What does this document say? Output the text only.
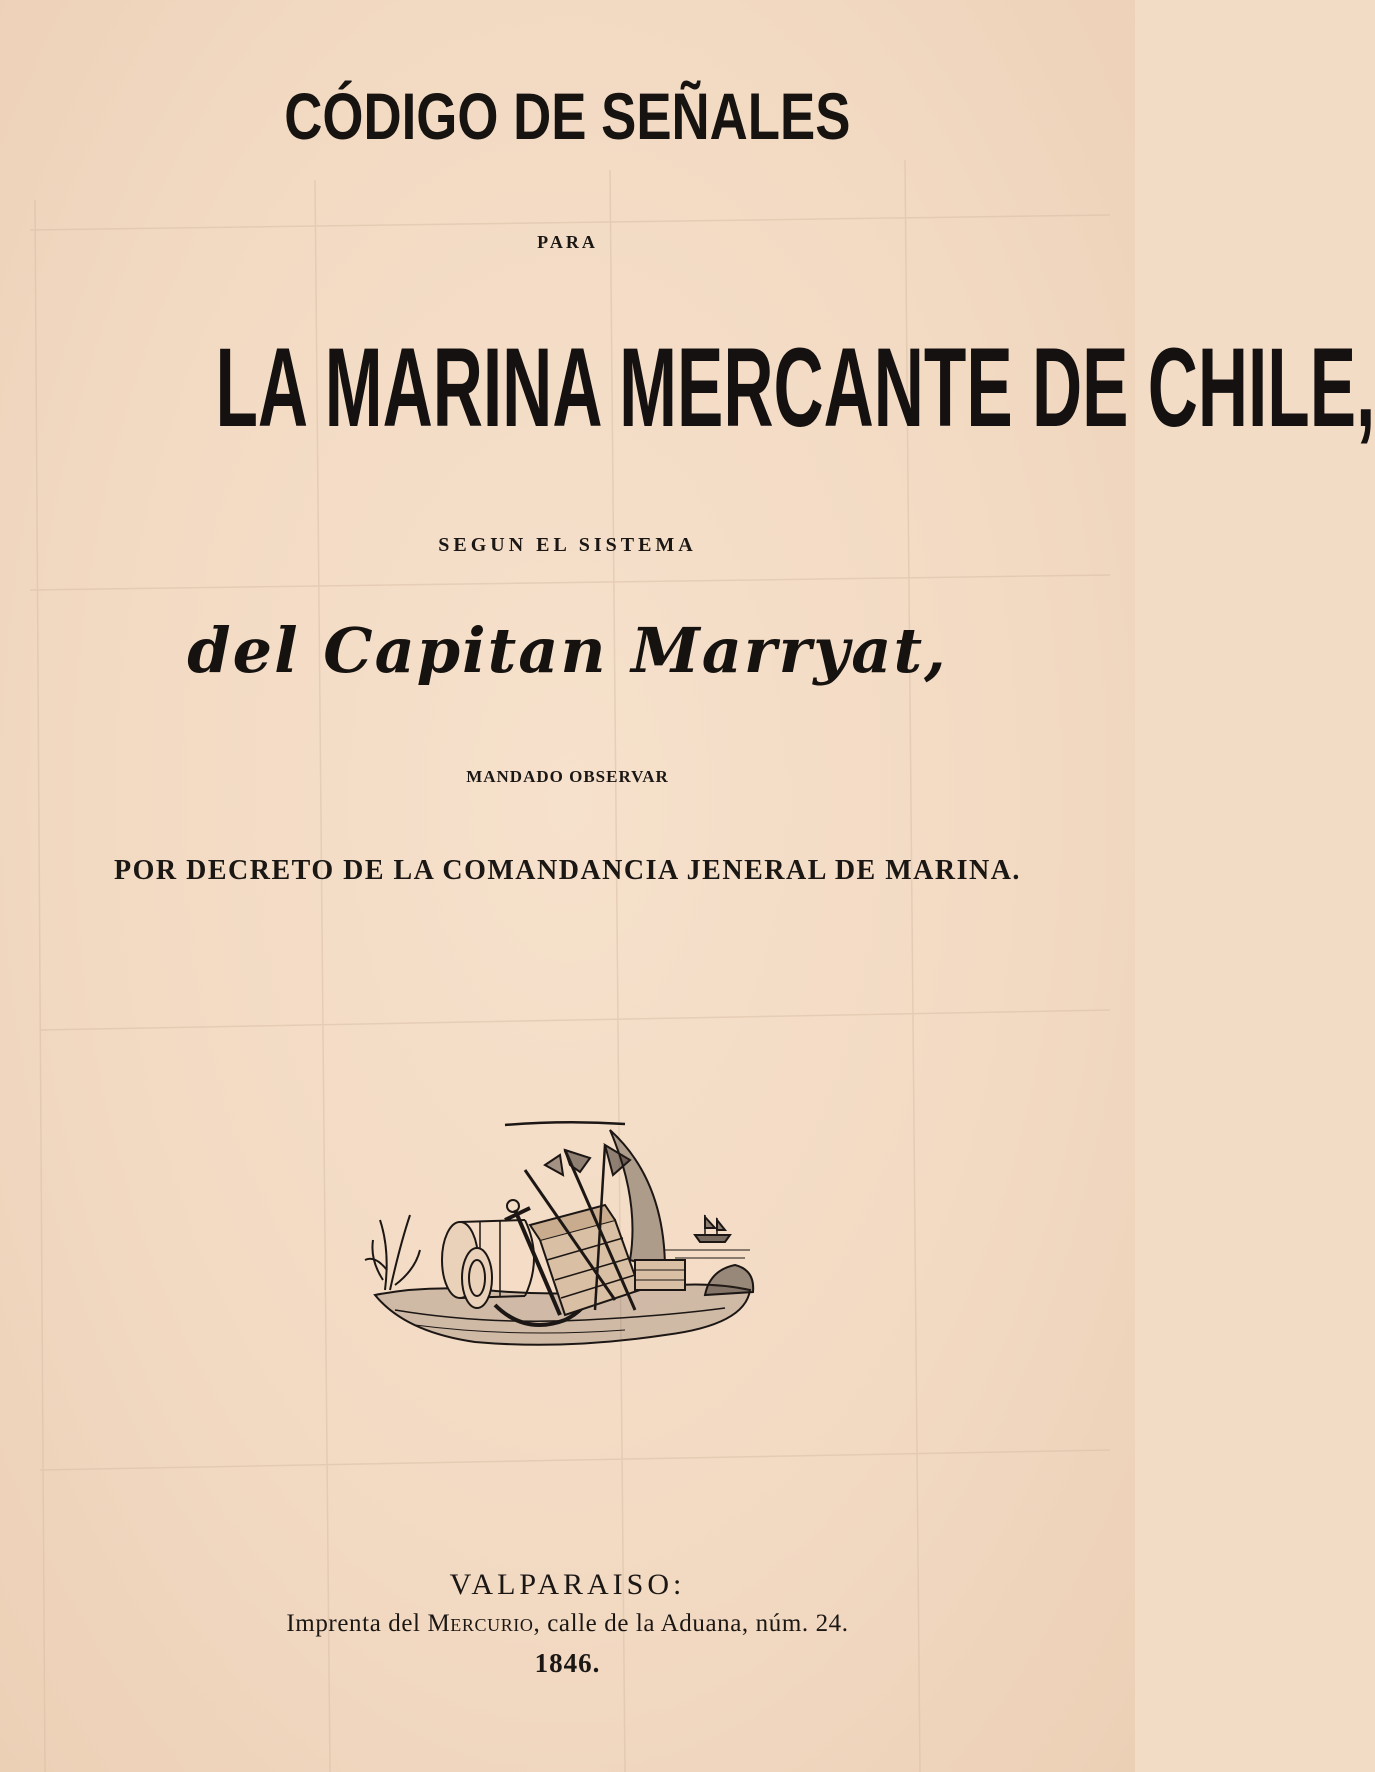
CÓDIGO DE SEÑALES
PARA
LA MARINA MERCANTE DE CHILE,
SEGUN EL SISTEMA
del Capitan Marryat,
MANDADO OBSERVAR
POR DECRETO DE LA COMANDANCIA JENERAL DE MARINA.
VALPARAISO:
Imprenta del Mercurio, calle de la Aduana, núm. 24.
1846.
